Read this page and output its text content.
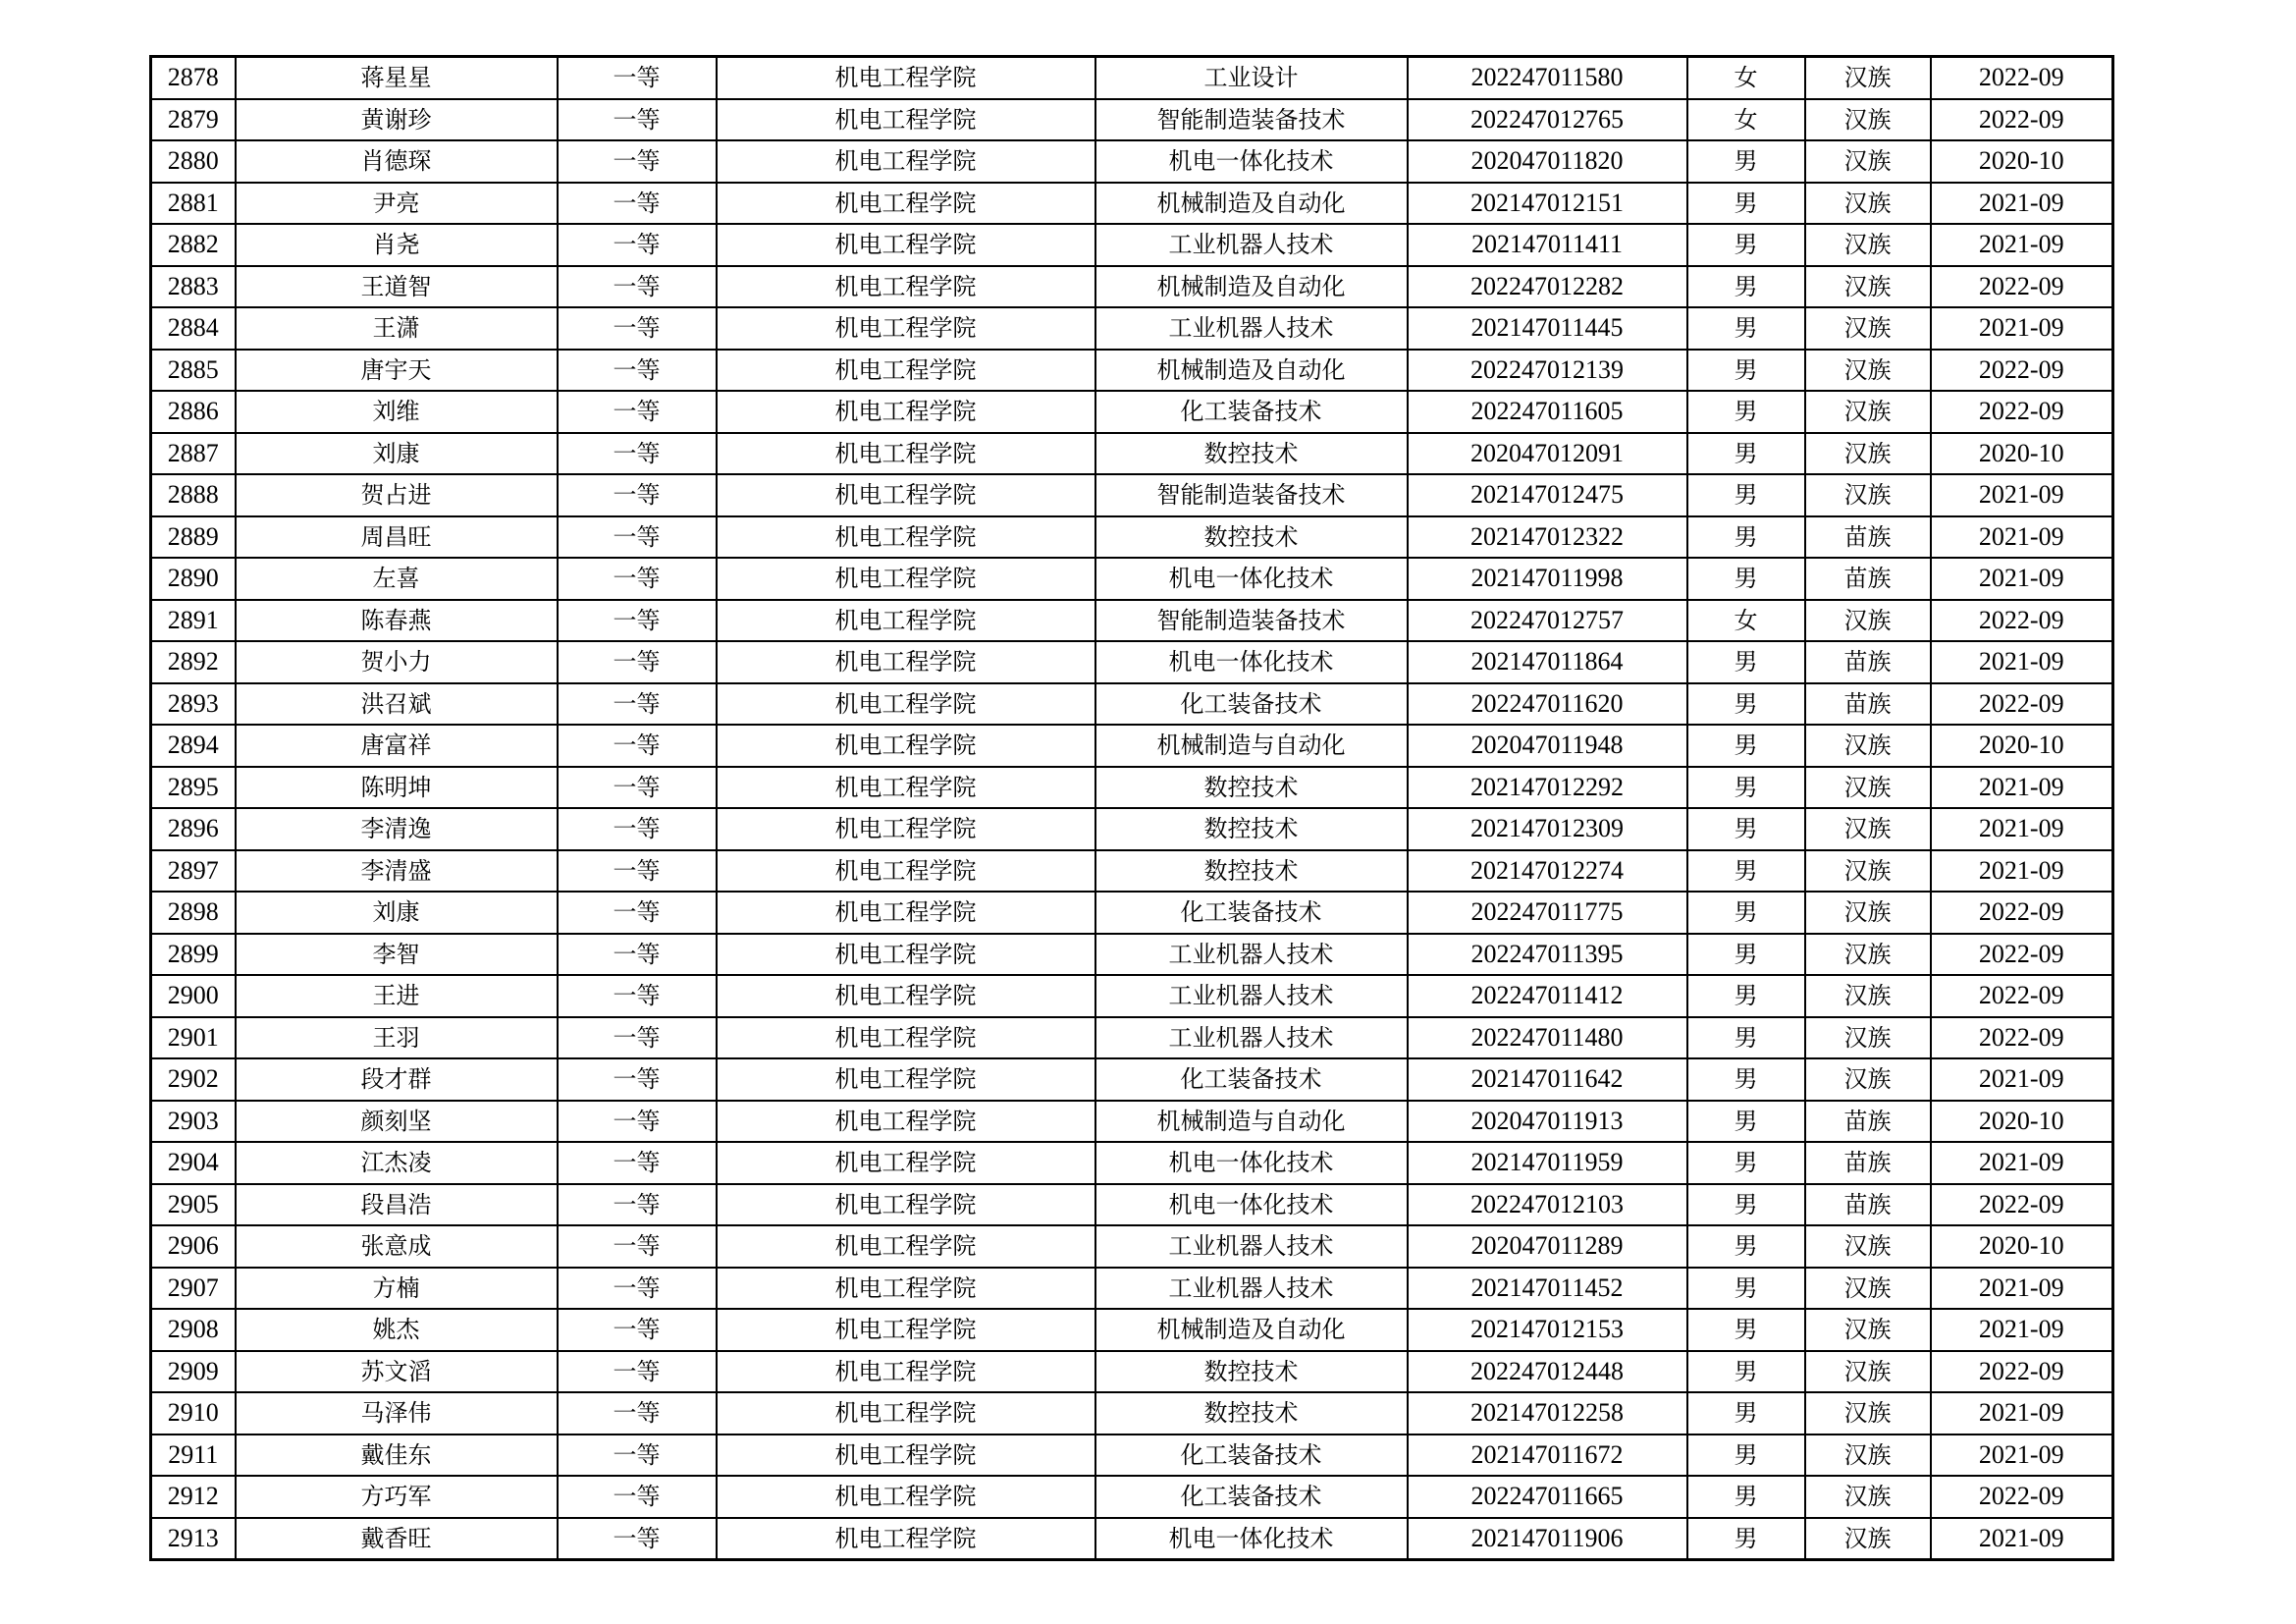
2878	蒋星星	一等	机电工程学院	工业设计	202247011580	女	汉族	2022-09
2879	黄谢珍	一等	机电工程学院	智能制造装备技术	202247012765	女	汉族	2022-09
2880	肖德琛	一等	机电工程学院	机电一体化技术	202047011820	男	汉族	2020-10
2881	尹亮	一等	机电工程学院	机械制造及自动化	202147012151	男	汉族	2021-09
2882	肖尧	一等	机电工程学院	工业机器人技术	202147011411	男	汉族	2021-09
2883	王道智	一等	机电工程学院	机械制造及自动化	202247012282	男	汉族	2022-09
2884	王潇	一等	机电工程学院	工业机器人技术	202147011445	男	汉族	2021-09
2885	唐宇天	一等	机电工程学院	机械制造及自动化	202247012139	男	汉族	2022-09
2886	刘维	一等	机电工程学院	化工装备技术	202247011605	男	汉族	2022-09
2887	刘康	一等	机电工程学院	数控技术	202047012091	男	汉族	2020-10
2888	贺占进	一等	机电工程学院	智能制造装备技术	202147012475	男	汉族	2021-09
2889	周昌旺	一等	机电工程学院	数控技术	202147012322	男	苗族	2021-09
2890	左喜	一等	机电工程学院	机电一体化技术	202147011998	男	苗族	2021-09
2891	陈春燕	一等	机电工程学院	智能制造装备技术	202247012757	女	汉族	2022-09
2892	贺小力	一等	机电工程学院	机电一体化技术	202147011864	男	苗族	2021-09
2893	洪召斌	一等	机电工程学院	化工装备技术	202247011620	男	苗族	2022-09
2894	唐富祥	一等	机电工程学院	机械制造与自动化	202047011948	男	汉族	2020-10
2895	陈明坤	一等	机电工程学院	数控技术	202147012292	男	汉族	2021-09
2896	李清逸	一等	机电工程学院	数控技术	202147012309	男	汉族	2021-09
2897	李清盛	一等	机电工程学院	数控技术	202147012274	男	汉族	2021-09
2898	刘康	一等	机电工程学院	化工装备技术	202247011775	男	汉族	2022-09
2899	李智	一等	机电工程学院	工业机器人技术	202247011395	男	汉族	2022-09
2900	王进	一等	机电工程学院	工业机器人技术	202247011412	男	汉族	2022-09
2901	王羽	一等	机电工程学院	工业机器人技术	202247011480	男	汉族	2022-09
2902	段才群	一等	机电工程学院	化工装备技术	202147011642	男	汉族	2021-09
2903	颜刻坚	一等	机电工程学院	机械制造与自动化	202047011913	男	苗族	2020-10
2904	江杰凌	一等	机电工程学院	机电一体化技术	202147011959	男	苗族	2021-09
2905	段昌浩	一等	机电工程学院	机电一体化技术	202247012103	男	苗族	2022-09
2906	张意成	一等	机电工程学院	工业机器人技术	202047011289	男	汉族	2020-10
2907	方楠	一等	机电工程学院	工业机器人技术	202147011452	男	汉族	2021-09
2908	姚杰	一等	机电工程学院	机械制造及自动化	202147012153	男	汉族	2021-09
2909	苏文滔	一等	机电工程学院	数控技术	202247012448	男	汉族	2022-09
2910	马泽伟	一等	机电工程学院	数控技术	202147012258	男	汉族	2021-09
2911	戴佳东	一等	机电工程学院	化工装备技术	202147011672	男	汉族	2021-09
2912	方巧军	一等	机电工程学院	化工装备技术	202247011665	男	汉族	2022-09
2913	戴香旺	一等	机电工程学院	机电一体化技术	202147011906	男	汉族	2021-09
